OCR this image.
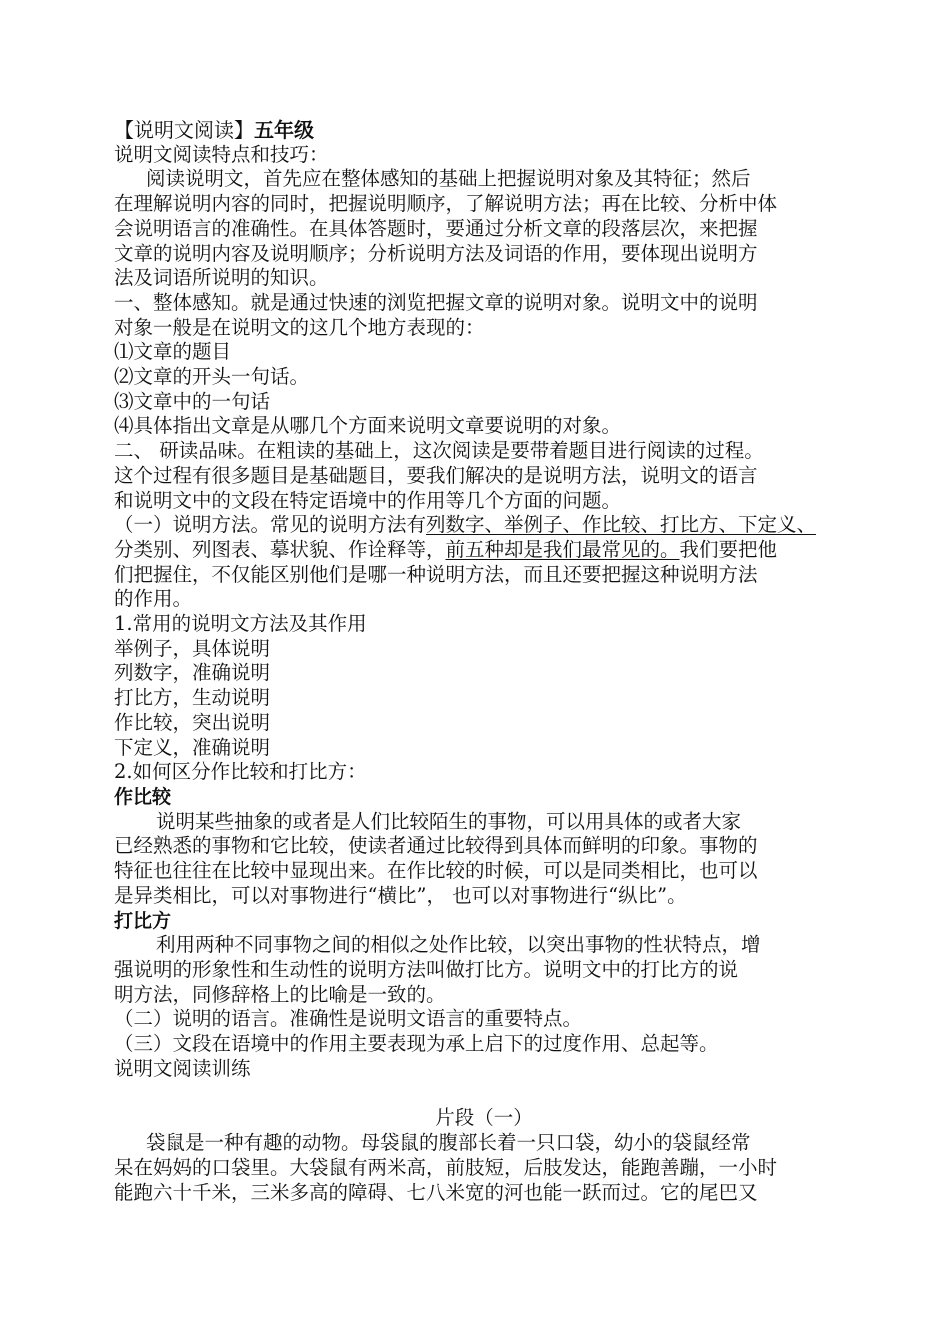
【说明文阅读】五年级
说明文阅读特点和技巧：
阅读说明文，首先应在整体感知的基础上把握说明对象及其特征；然后
在理解说明内容的同时，把握说明顺序，了解说明方法；再在比较、分析中体
会说明语言的准确性。在具体答题时，要通过分析文章的段落层次，来把握
文章的说明内容及说明顺序；分析说明方法及词语的作用，要体现出说明方
法及词语所说明的知识。
一、整体感知。就是通过快速的浏览把握文章的说明对象。说明文中的说明
对象一般是在说明文的这几个地方表现的：
⑴文章的题目
⑵文章的开头一句话。
⑶文章中的一句话
⑷具体指出文章是从哪几个方面来说明文章要说明的对象。
二、 研读品味。在粗读的基础上，这次阅读是要带着题目进行阅读的过程。
这个过程有很多题目是基础题目，要我们解决的是说明方法，说明文的语言
和说明文中的文段在特定语境中的作用等几个方面的问题。
（一）说明方法。常见的说明方法有列数字、举例子、作比较、打比方、下定义、
分类别、列图表、摹状貌、作诠释等，前五种却是我们最常见的。我们要把他
们把握住，不仅能区别他们是哪一种说明方法，而且还要把握这种说明方法
的作用。
1.常用的说明文方法及其作用
举例子，具体说明
列数字，准确说明
打比方，生动说明
作比较，突出说明
下定义，准确说明
2.如何区分作比较和打比方：
作比较
说明某些抽象的或者是人们比较陌生的事物，可以用具体的或者大家
已经熟悉的事物和它比较，使读者通过比较得到具体而鲜明的印象。事物的
特征也往往在比较中显现出来。在作比较的时候，可以是同类相比，也可以
是异类相比，可以对事物进行“横比”， 也可以对事物进行“纵比”。
打比方
利用两种不同事物之间的相似之处作比较，以突出事物的性状特点，增
强说明的形象性和生动性的说明方法叫做打比方。说明文中的打比方的说
明方法，同修辞格上的比喻是一致的。
（二）说明的语言。准确性是说明文语言的重要特点。
（三）文段在语境中的作用主要表现为承上启下的过度作用、总起等。
说明文阅读训练
片段（一）
袋鼠是一种有趣的动物。母袋鼠的腹部长着一只口袋，幼小的袋鼠经常
呆在妈妈的口袋里。大袋鼠有两米高，前肢短，后肢发达，能跑善蹦，一小时
能跑六十千米，三米多高的障碍、七八米宽的河也能一跃而过。它的尾巴又
